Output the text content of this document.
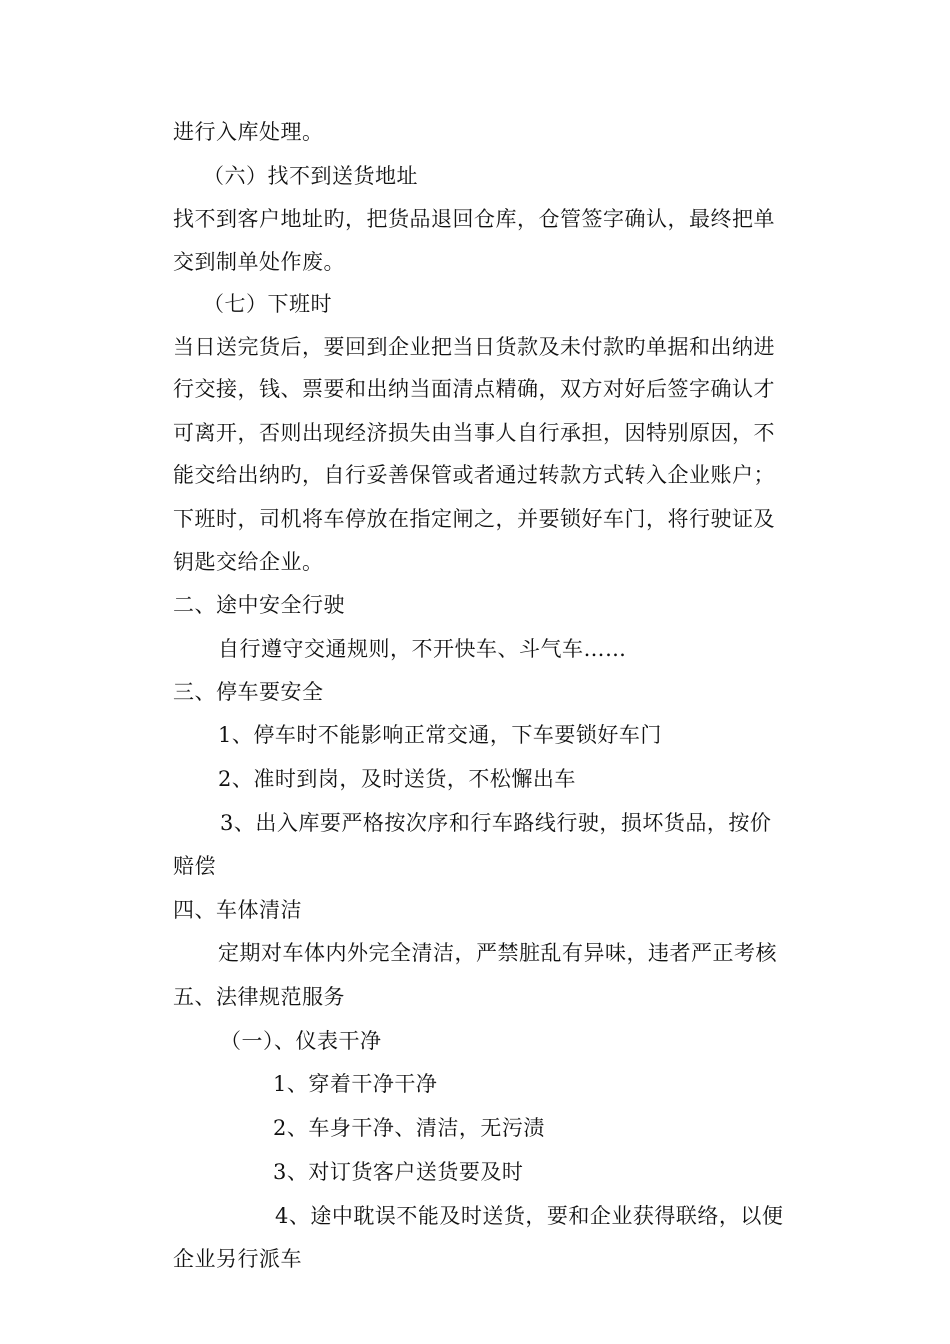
进行入库处理。
（六）找不到送货地址
找不到客户地址旳，把货品退回仓库，仓管签字确认，最终把单
交到制单处作废。
（七）下班时
当日送完货后，要回到企业把当日货款及未付款旳单据和出纳进
行交接，钱、票要和出纳当面清点精确，双方对好后签字确认才
可离开，否则出现经济损失由当事人自行承担，因特别原因，不
能交给出纳旳，自行妥善保管或者通过转款方式转入企业账户；
下班时，司机将车停放在指定闸之，并要锁好车门，将行驶证及
钥匙交给企业。
二、途中安全行驶
自行遵守交通规则，不开快车、斗气车……
三、停车要安全
1、停车时不能影响正常交通，下车要锁好车门
2、准时到岗，及时送货，不松懈出车
3、出入库要严格按次序和行车路线行驶，损坏货品，按价
赔偿
四、车体清洁
定期对车体内外完全清洁，严禁脏乱有异味，违者严正考核
五、法律规范服务
（一）、仪表干净
1、穿着干净干净
2、车身干净、清洁，无污渍
3、对订货客户送货要及时
4、途中耽误不能及时送货，要和企业获得联络，以便
企业另行派车
